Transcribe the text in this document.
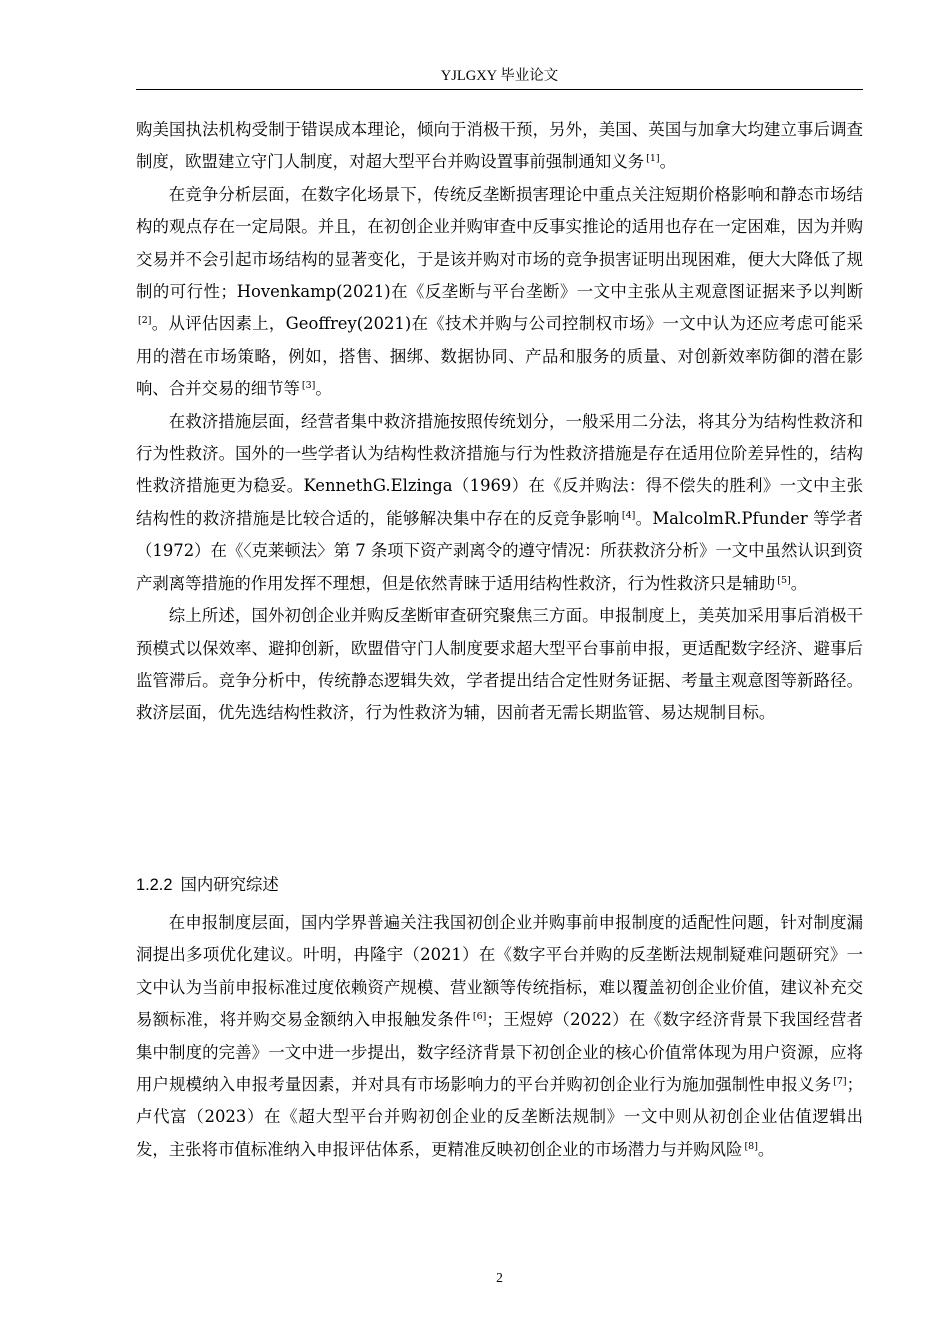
YJLGXY 毕业论文

购美国执法机构受制于错误成本理论，倾向于消极干预，另外，美国、英国与加拿大均建立事后调查制度，欧盟建立守门人制度，对超大型平台并购设置事前强制通知义务 [1]。

在竞争分析层面，在数字化场景下，传统反垄断损害理论中重点关注短期价格影响和静态市场结构的观点存在一定局限。并且，在初创企业并购审查中反事实推论的适用也存在一定困难，因为并购交易并不会引起市场结构的显著变化，于是该并购对市场的竞争损害证明出现困难，便大大降低了规制的可行性；Hovenkamp(2021)在《反垄断与平台垄断》一文中主张从主观意图证据来予以判断[2]。从评估因素上，Geoffrey(2021)在《技术并购与公司控制权市场》一文中认为还应考虑可能采用的潜在市场策略，例如，搭售、捆绑、数据协同、产品和服务的质量、对创新效率防御的潜在影响、合并交易的细节等 [3]。

在救济措施层面，经营者集中救济措施按照传统划分，一般采用二分法，将其分为结构性救济和行为性救济。国外的一些学者认为结构性救济措施与行为性救济措施是存在适用位阶差异性的，结构性救济措施更为稳妥。KennethG.Elzinga（1969）在《反并购法：得不偿失的胜利》一文中主张结构性的救济措施是比较合适的，能够解决集中存在的反竞争影响 [4]。MalcolmR.Pfunder 等学者（1972）在《〈克莱顿法〉第 7 条项下资产剥离令的遵守情况：所获救济分析》一文中虽然认识到资产剥离等措施的作用发挥不理想，但是依然青睐于适用结构性救济，行为性救济只是辅助 [5]。

综上所述，国外初创企业并购反垄断审查研究聚焦三方面。申报制度上，美英加采用事后消极干预模式以保效率、避抑创新，欧盟借守门人制度要求超大型平台事前申报，更适配数字经济、避事后监管滞后。竞争分析中，传统静态逻辑失效，学者提出结合定性财务证据、考量主观意图等新路径。救济层面，优先选结构性救济，行为性救济为辅，因前者无需长期监管、易达规制目标。

1.2.2 国内研究综述

在申报制度层面，国内学界普遍关注我国初创企业并购事前申报制度的适配性问题，针对制度漏洞提出多项优化建议。叶明，冉隆宇（2021）在《数字平台并购的反垄断法规制疑难问题研究》一文中认为当前申报标准过度依赖资产规模、营业额等传统指标，难以覆盖初创企业价值，建议补充交易额标准，将并购交易金额纳入申报触发条件 [6]；王煜婷（2022）在《数字经济背景下我国经营者集中制度的完善》一文中进一步提出，数字经济背景下初创企业的核心价值常体现为用户资源，应将用户规模纳入申报考量因素，并对具有市场影响力的平台并购初创企业行为施加强制性申报义务 [7]；卢代富（2023）在《超大型平台并购初创企业的反垄断法规制》一文中则从初创企业估值逻辑出发，主张将市值标准纳入申报评估体系，更精准反映初创企业的市场潜力与并购风险 [8]。

2
